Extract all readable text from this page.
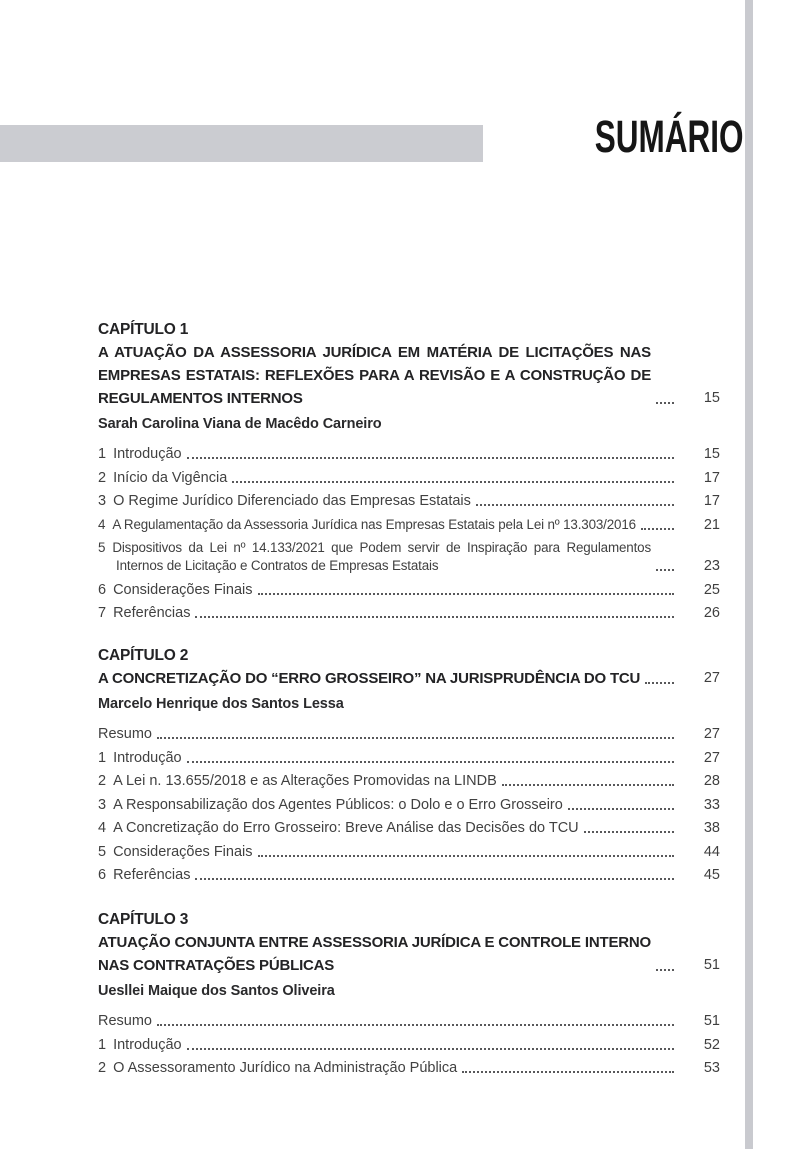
SUMÁRIO
CAPÍTULO 1
A ATUAÇÃO DA ASSESSORIA JURÍDICA EM MATÉRIA DE LICITAÇÕES NAS EMPRESAS ESTATAIS: REFLEXÕES PARA A REVISÃO E A CONSTRUÇÃO DE REGULAMENTOS INTERNOS	15
Sarah Carolina Viana de Macêdo Carneiro
1 Introdução	15
2 Início da Vigência	17
3 O Regime Jurídico Diferenciado das Empresas Estatais	17
4 A Regulamentação da Assessoria Jurídica nas Empresas Estatais pela Lei nº 13.303/2016	21
5 Dispositivos da Lei nº 14.133/2021 que Podem servir de Inspiração para Regulamentos Internos de Licitação e Contratos de Empresas Estatais	23
6 Considerações Finais	25
7 Referências	26
CAPÍTULO 2
A CONCRETIZAÇÃO DO “ERRO GROSSEIRO” NA JURISPRUDÊNCIA DO TCU	27
Marcelo Henrique dos Santos Lessa
Resumo	27
1 Introdução	27
2 A Lei n. 13.655/2018 e as Alterações Promovidas na LINDB	28
3 A Responsabilização dos Agentes Públicos: o Dolo e o Erro Grosseiro	33
4 A Concretização do Erro Grosseiro: Breve Análise das Decisões do TCU	38
5 Considerações Finais	44
6 Referências	45
CAPÍTULO 3
ATUAÇÃO CONJUNTA ENTRE ASSESSORIA JURÍDICA E CONTROLE INTERNO NAS CONTRATAÇÕES PÚBLICAS	51
Uesllei Maique dos Santos Oliveira
Resumo	51
1 Introdução	52
2 O Assessoramento Jurídico na Administração Pública	53
